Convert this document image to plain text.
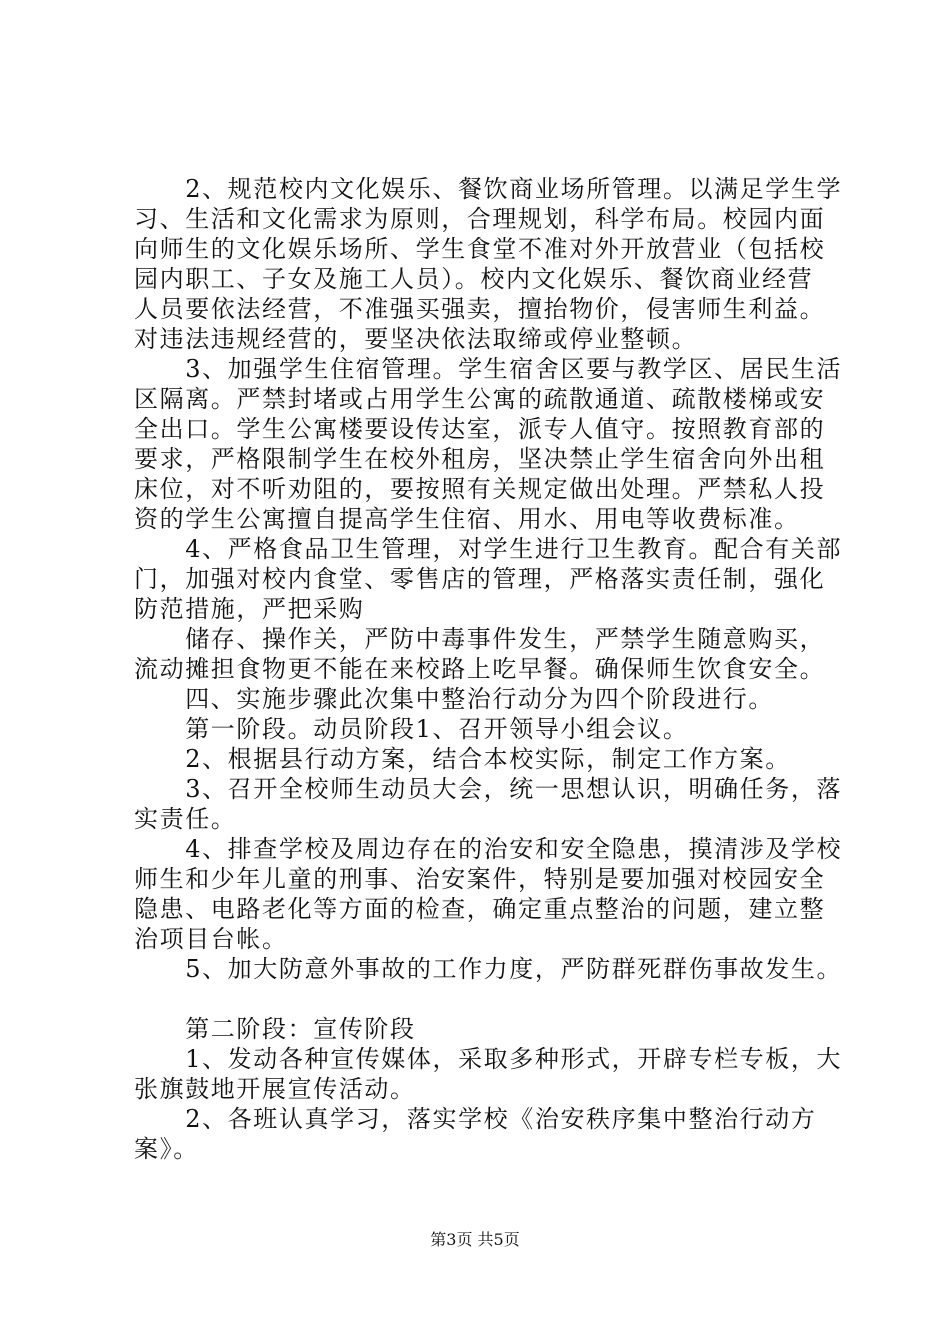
　　2、规范校内文化娱乐、餐饮商业场所管理。以满足学生学
习、生活和文化需求为原则，合理规划，科学布局。校园内面
向师生的文化娱乐场所、学生食堂不准对外开放营业（包括校
园内职工、子女及施工人员）。校内文化娱乐、餐饮商业经营
人员要依法经营，不准强买强卖，擅抬物价，侵害师生利益。
对违法违规经营的，要坚决依法取缔或停业整顿。
　　3、加强学生住宿管理。学生宿舍区要与教学区、居民生活
区隔离。严禁封堵或占用学生公寓的疏散通道、疏散楼梯或安
全出口。学生公寓楼要设传达室，派专人值守。按照教育部的
要求，严格限制学生在校外租房，坚决禁止学生宿舍向外出租
床位，对不听劝阻的，要按照有关规定做出处理。严禁私人投
资的学生公寓擅自提高学生住宿、用水、用电等收费标准。
　　4、严格食品卫生管理，对学生进行卫生教育。配合有关部
门，加强对校内食堂、零售店的管理，严格落实责任制，强化
防范措施，严把采购
　　储存、操作关，严防中毒事件发生，严禁学生随意购买，
流动摊担食物更不能在来校路上吃早餐。确保师生饮食安全。
　　四、实施步骤此次集中整治行动分为四个阶段进行。
　　第一阶段。动员阶段1、召开领导小组会议。
　　2、根据县行动方案，结合本校实际，制定工作方案。
　　3、召开全校师生动员大会，统一思想认识，明确任务，落
实责任。
　　4、排查学校及周边存在的治安和安全隐患，摸清涉及学校
师生和少年儿童的刑事、治安案件，特别是要加强对校园安全
隐患、电路老化等方面的检查，确定重点整治的问题，建立整
治项目台帐。
　　5、加大防意外事故的工作力度，严防群死群伤事故发生。
　　第二阶段：宣传阶段
　　1、发动各种宣传媒体，采取多种形式，开辟专栏专板，大
张旗鼓地开展宣传活动。
　　2、各班认真学习，落实学校《治安秩序集中整治行动方
案》。
第3页 共5页
